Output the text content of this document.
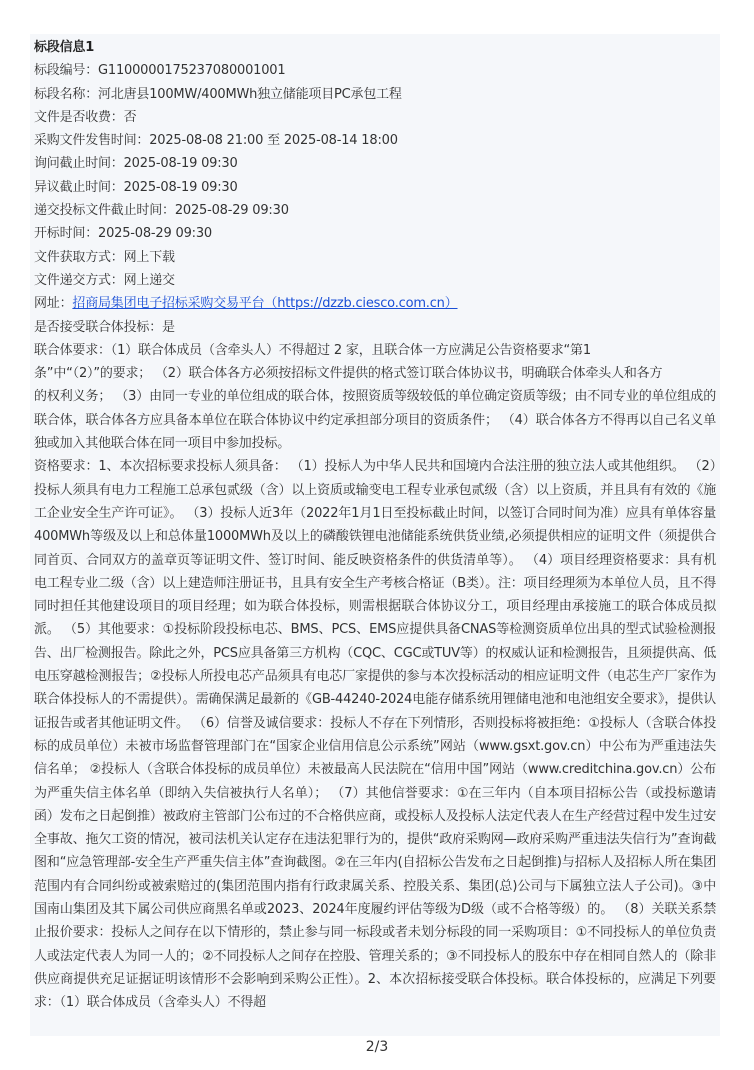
标段信息1
标段编号：G1100000175237080001001
标段名称：河北唐县100MW/400MWh独立储能项目PC承包工程
文件是否收费：否
采购文件发售时间：2025-08-08 21:00 至 2025-08-14 18:00
询问截止时间：2025-08-19 09:30
异议截止时间：2025-08-19 09:30
递交投标文件截止时间：2025-08-29 09:30
开标时间：2025-08-29 09:30
文件获取方式：网上下载
文件递交方式：网上递交
网址：招商局集团电子招标采购交易平台（https://dzzb.ciesco.com.cn）
是否接受联合体投标：是
联合体要求：（1）联合体成员（含牵头人）不得超过 2 家，且联合体一方应满足公告资格要求“第1
条”中“（2）”的要求； （2）联合体各方必须按招标文件提供的格式签订联合体协议书，明确联合体牵头人和各方

的权利义务； （3）由同一专业的单位组成的联合体，按照资质等级较低的单位确定资质等级；由不同专业的单位组成的联合体，联合体各方应具备本单位在联合体协议中约定承担部分项目的资质条件； （4）联合体各方不得再以自己名义单独或加入其他联合体在同一项目中参加投标。

资格要求：1、本次招标要求投标人须具备： （1）投标人为中华人民共和国境内合法注册的独立法人或其他组织。 （2）投标人须具有电力工程施工总承包贰级（含）以上资质或输变电工程专业承包贰级（含）以上资质，并且具有有效的《施工企业安全生产许可证》。 （3）投标人近3年（2022年1月1日至投标截止时间，以签订合同时间为准）应具有单体容量400MWh等级及以上和总体量1000MWh及以上的磷酸铁锂电池储能系统供货业绩,必须提供相应的证明文件（须提供合同首页、合同双方的盖章页等证明文件、签订时间、能反映资格条件的供货清单等）。 （4）项目经理资格要求：具有机电工程专业二级（含）以上建造师注册证书，且具有安全生产考核合格证（B类）。注：项目经理须为本单位人员，且不得同时担任其他建设项目的项目经理；如为联合体投标，则需根据联合体协议分工，项目经理由承接施工的联合体成员拟派。 （5）其他要求：①投标阶段投标电芯、BMS、PCS、EMS应提供具备CNAS等检测资质单位出具的型式试验检测报告、出厂检测报告。除此之外，PCS应具备第三方机构（CQC、CGC或TUV等）的权威认证和检测报告，且须提供高、低电压穿越检测报告；②投标人所投电芯产品须具有电芯厂家提供的参与本次投标活动的相应证明文件（电芯生产厂家作为联合体投标人的不需提供）。需确保满足最新的《GB-44240-2024电能存储系统用锂储电池和电池组安全要求》，提供认证报告或者其他证明文件。 （6）信誉及诚信要求：投标人不存在下列情形，否则投标将被拒绝：①投标人（含联合体投标的成员单位）未被市场监督管理部门在“国家企业信用信息公示系统”网站（www.gsxt.gov.cn）中公布为严重违法失信名单； ②投标人（含联合体投标的成员单位）未被最高人民法院在“信用中国”网站（www.creditchina.gov.cn）公布为严重失信主体名单（即纳入失信被执行人名单）； （7）其他信誉要求：①在三年内（自本项目招标公告（或投标邀请函）发布之日起倒推）被政府主管部门公布过的不合格供应商，或投标人及投标人法定代表人在生产经营过程中发生过安全事故、拖欠工资的情况，被司法机关认定存在违法犯罪行为的，提供“政府采购网—政府采购严重违法失信行为”查询截图和“应急管理部-安全生产严重失信主体”查询截图。②在三年内(自招标公告发布之日起倒推)与招标人及招标人所在集团范围内有合同纠纷或被索赔过的(集团范围内指有行政隶属关系、控股关系、集团(总)公司与下属独立法人子公司)。③中国南山集团及其下属公司供应商黑名单或2023、2024年度履约评估等级为D级（或不合格等级）的。 （8）关联关系禁止报价要求：投标人之间存在以下情形的，禁止参与同一标段或者未划分标段的同一采购项目：①不同投标人的单位负责人或法定代表人为同一人的；②不同投标人之间存在控股、管理关系的；③不同投标人的股东中存在相同自然人的（除非供应商提供充足证据证明该情形不会影响到采购公正性）。2、本次招标接受联合体投标。联合体投标的，应满足下列要求：（1）联合体成员（含牵头人）不得超

2/3
